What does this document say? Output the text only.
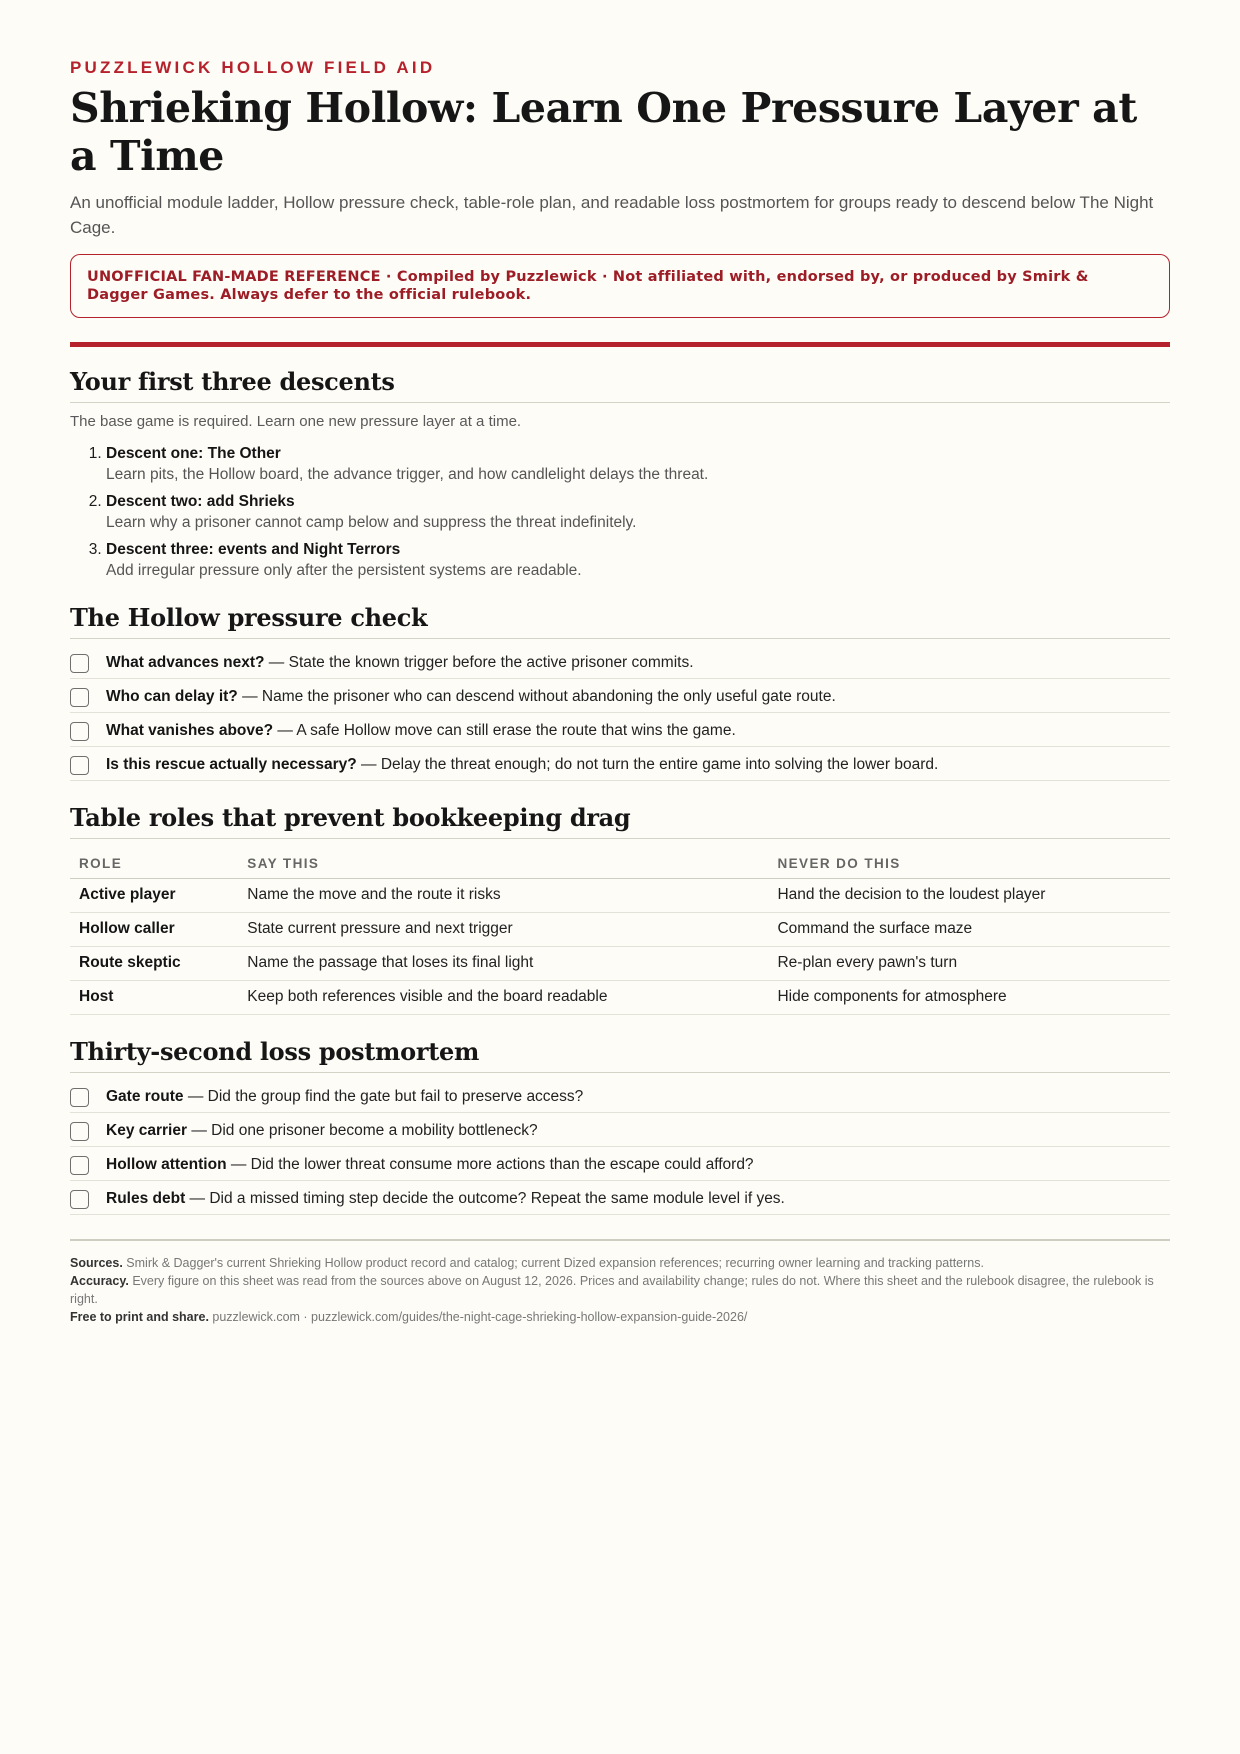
PUZZLEWICK HOLLOW FIELD AID
Shrieking Hollow: Learn One Pressure Layer at a Time

An unofficial module ladder, Hollow pressure check, table-role plan, and readable loss postmortem for groups ready to descend below The Night Cage.

UNOFFICIAL FAN-MADE REFERENCE · Compiled by Puzzlewick · Not affiliated with, endorsed by, or produced by Smirk & Dagger Games. Always defer to the official rulebook.
Your first three descents

The base game is required. Learn one new pressure layer at a time.

1. Descent one: The Other
Learn pits, the Hollow board, the advance trigger, and how candlelight delays the threat.
2. Descent two: add Shrieks
Learn why a prisoner cannot camp below and suppress the threat indefinitely.
3. Descent three: events and Night Terrors
Add irregular pressure only after the persistent systems are readable.
The Hollow pressure check
What advances next? — State the known trigger before the active prisoner commits.
Who can delay it? — Name the prisoner who can descend without abandoning the only useful gate route.
What vanishes above? — A safe Hollow move can still erase the route that wins the game.
Is this rescue actually necessary? — Delay the threat enough; do not turn the entire game into solving the lower board.
Table roles that prevent bookkeeping drag
ROLE	SAY THIS	NEVER DO THIS
Active player	Name the move and the route it risks	Hand the decision to the loudest player
Hollow caller	State current pressure and next trigger	Command the surface maze
Route skeptic	Name the passage that loses its final light	Re-plan every pawn's turn
Host	Keep both references visible and the board readable	Hide components for atmosphere
Thirty-second loss postmortem
Gate route — Did the group find the gate but fail to preserve access?
Key carrier — Did one prisoner become a mobility bottleneck?
Hollow attention — Did the lower threat consume more actions than the escape could afford?
Rules debt — Did a missed timing step decide the outcome? Repeat the same module level if yes.
Sources. Smirk & Dagger's current Shrieking Hollow product record and catalog; current Dized expansion references; recurring owner learning and tracking patterns.
Accuracy. Every figure on this sheet was read from the sources above on August 12, 2026. Prices and availability change; rules do not. Where this sheet and the rulebook disagree, the rulebook is right.
Free to print and share. puzzlewick.com · puzzlewick.com/guides/the-night-cage-shrieking-hollow-expansion-guide-2026/
